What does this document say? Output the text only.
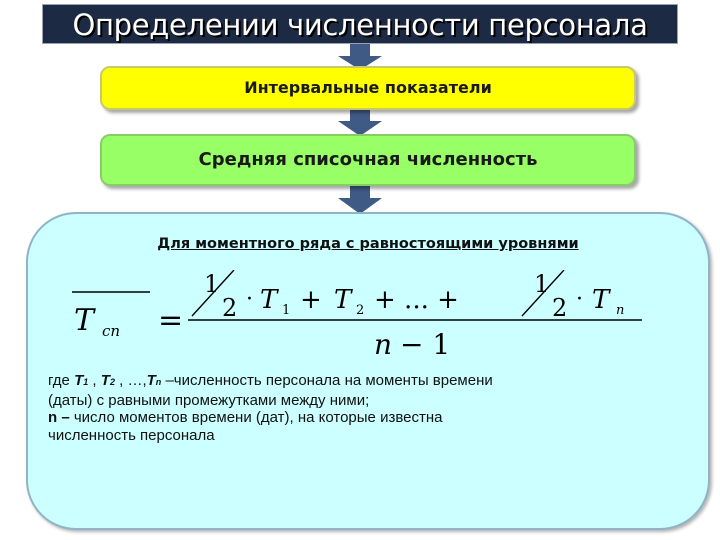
Определении численности персонала
Интервальные показатели
Средняя списочная численность
Для моментного ряда с равностоящими уровнями
T сп =
1
2 · T 1 + T 2 + ... +
1
2 · T n
n − 1
где T1 , T2 , …,Tn –численность персонала на моменты времени
(даты) с равными промежутками между ними;
n – число моментов времени (дат), на которые известна
численность персонала
